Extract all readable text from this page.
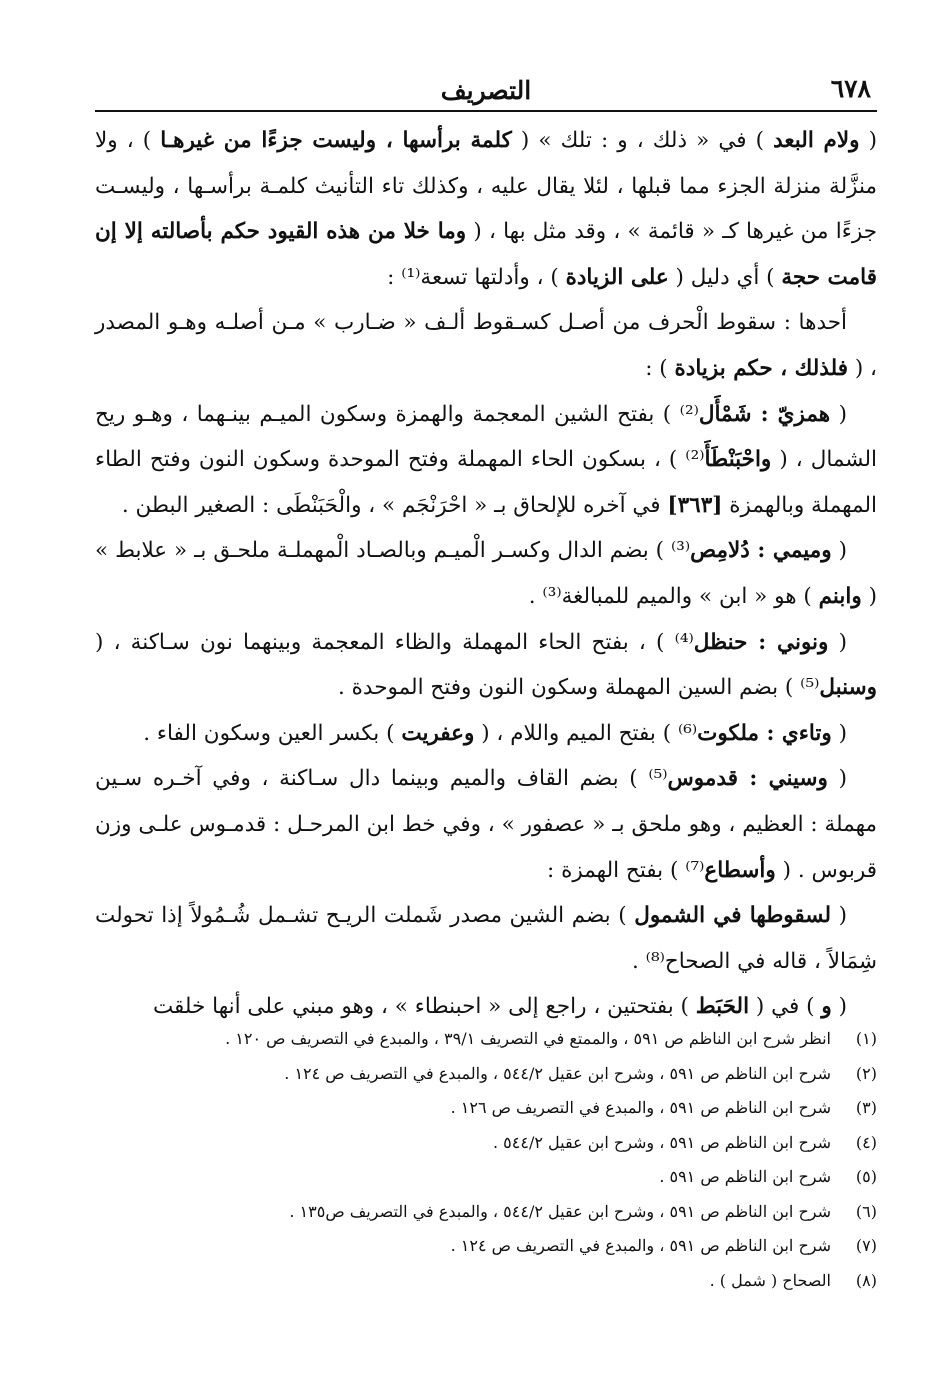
٦٧٨
التصريف

( ولام البعد ) في « ذلك ، و : تلك » ( كلمة برأسها ، وليست جزءًا من غيرهـا ) ، ولا منزَّلة منزلة الجزء مما قبلها ، لئلا يقال عليه ، وكذلك تاء التأنيث كلمـة برأسـها ، وليسـت جزءًا من غيرها كـ « قائمة » ، وقد مثل بها ، ( وما خلا من هذه القيود حكم بأصالته إلا إن قامت حجة ) أي دليل ( على الزيادة ) ، وأدلتها تسعة⁽¹⁾ :

أحدها : سقوط الْحرف من أصـل كسـقوط ألـف « ضـارب » مـن أصلـه وهـو المصدر ، ( فلذلك ، حكم بزيادة ) :

( همزيّ : شَمْأَل⁽²⁾ ) بفتح الشين المعجمة والهمزة وسكون الميـم بينـهما ، وهـو ريح الشمال ، ( واحْبَنْطَأَ⁽²⁾ ) ، بسكون الحاء المهملة وفتح الموحدة وسكون النون وفتح الطاء المهملة وبالهمزة [٣٦٣] في آخره للإلحاق بـ « احْرَنْجَم » ، والْحَبَنْطَى : الصغير البطن .

( وميمي : دُلامِص⁽³⁾ ) بضم الدال وكسـر الْميـم وبالصـاد الْمهملـة ملحـق بـ « علابط » ( وابنم ) هو « ابن » والميم للمبالغة⁽³⁾ .

( ونوني : حنظل⁽⁴⁾ ) ، بفتح الحاء المهملة والظاء المعجمة وبينهما نون سـاكنة ، ( وسنبل⁽⁵⁾ ) بضم السين المهملة وسكون النون وفتح الموحدة .

( وتاءي : ملكوت⁽⁶⁾ ) بفتح الميم واللام ، ( وعفريت ) بكسر العين وسكون الفاء .

( وسيني : قدموس⁽⁵⁾ ) بضم القاف والميم وبينما دال سـاكنة ، وفي آخـره سـين مهملة : العظيم ، وهو ملحق بـ « عصفور » ، وفي خط ابن المرحـل : قدمـوس علـى وزن قربوس . ( وأسطاع⁽⁷⁾ ) بفتح الهمزة :

( لسقوطها في الشمول ) بضم الشين مصدر شَملت الريـح تشـمل شُـمُولاً إذا تحولت شِمَالاً ، قاله في الصحاح⁽⁸⁾ .

( و ) في ( الحَبَط ) بفتحتين ، راجع إلى « احبنطاء » ، وهو مبني على أنها خلقت

(١)
انظر شرح ابن الناظم ص ٥٩١ ، والممتع في التصريف ٣٩/١ ، والمبدع في التصريف ص ١٢٠ .
(٢)
شرح ابن الناظم ص ٥٩١ ، وشرح ابن عقيل ٥٤٤/٢ ، والمبدع في التصريف ص ١٢٤ .
(٣)
شرح ابن الناظم ص ٥٩١ ، والمبدع في التصريف ص ١٢٦ .
(٤)
شرح ابن الناظم ص ٥٩١ ، وشرح ابن عقيل ٥٤٤/٢ .
(٥)
شرح ابن الناظم ص ٥٩١ .
(٦)
شرح ابن الناظم ص ٥٩١ ، وشرح ابن عقيل ٥٤٤/٢ ، والمبدع في التصريف ص١٣٥ .
(٧)
شرح ابن الناظم ص ٥٩١ ، والمبدع في التصريف ص ١٢٤ .
(٨)
الصحاح ( شمل ) .
